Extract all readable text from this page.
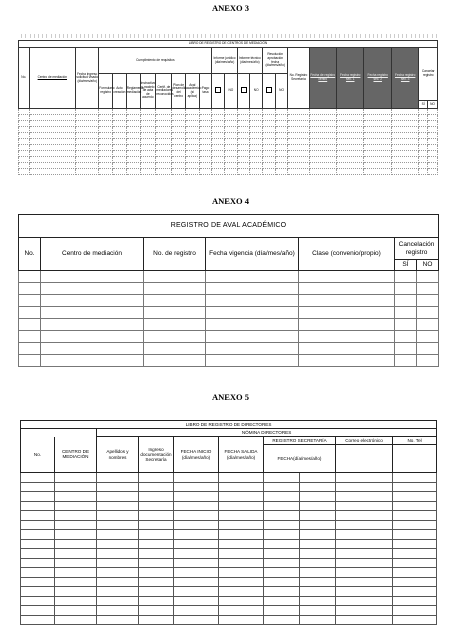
ANEXO 3
LIBRO DE REGISTRO DE CENTROS DE MEDIACIÓN																							
No.	Centro de mediación	Fecha ingreso solicitud visado (dia/mes/año)	Cumplimiento de requisitos								Informe jurídico (dia/mes/año)		Informe técnico (dia/mes/año)		Resolución aprobación fecha (dia/mes/año)		No. Registro Secretaría	Fecha de registro centro	Fecha registro sec. 1	Fecha registro sec. 2	Fecha registro sec. 3	Cancelar registro	
			Formulario registro	Acto creación	Reglamento mediación	Instructivo y modelo de acta de acuerdo	Certif. de mediadores reconocidos	Plan de desarrollo del centro	Aval académico (si aplica)	Pago tasa		NO		NO		NO							
																						SÍ	NO

ANEXO 4
REGISTRO DE AVAL ACADÉMICO						
No.	Centro de mediación	No. de registro	Fecha vigencia (día/mes/año)	Clase (convenio/propio)	Cancelación registro	
					SÍ	NO

ANEXO 5
LIBRO DE REGISTRO DE DIRECTORES									
		NÓMINA DIRECTORES							
No.	CENTRO DE MEDIACIÓN	Apellidos y nombres	Ingreso documentación Secretaría	FECHA INICIO (día/mes/año)	FECHA SALIDA (día/mes/año)	REGISTRO SECRETARÍA		Correo electrónico	No. Tel
						FECHA(día/mes/año)			
